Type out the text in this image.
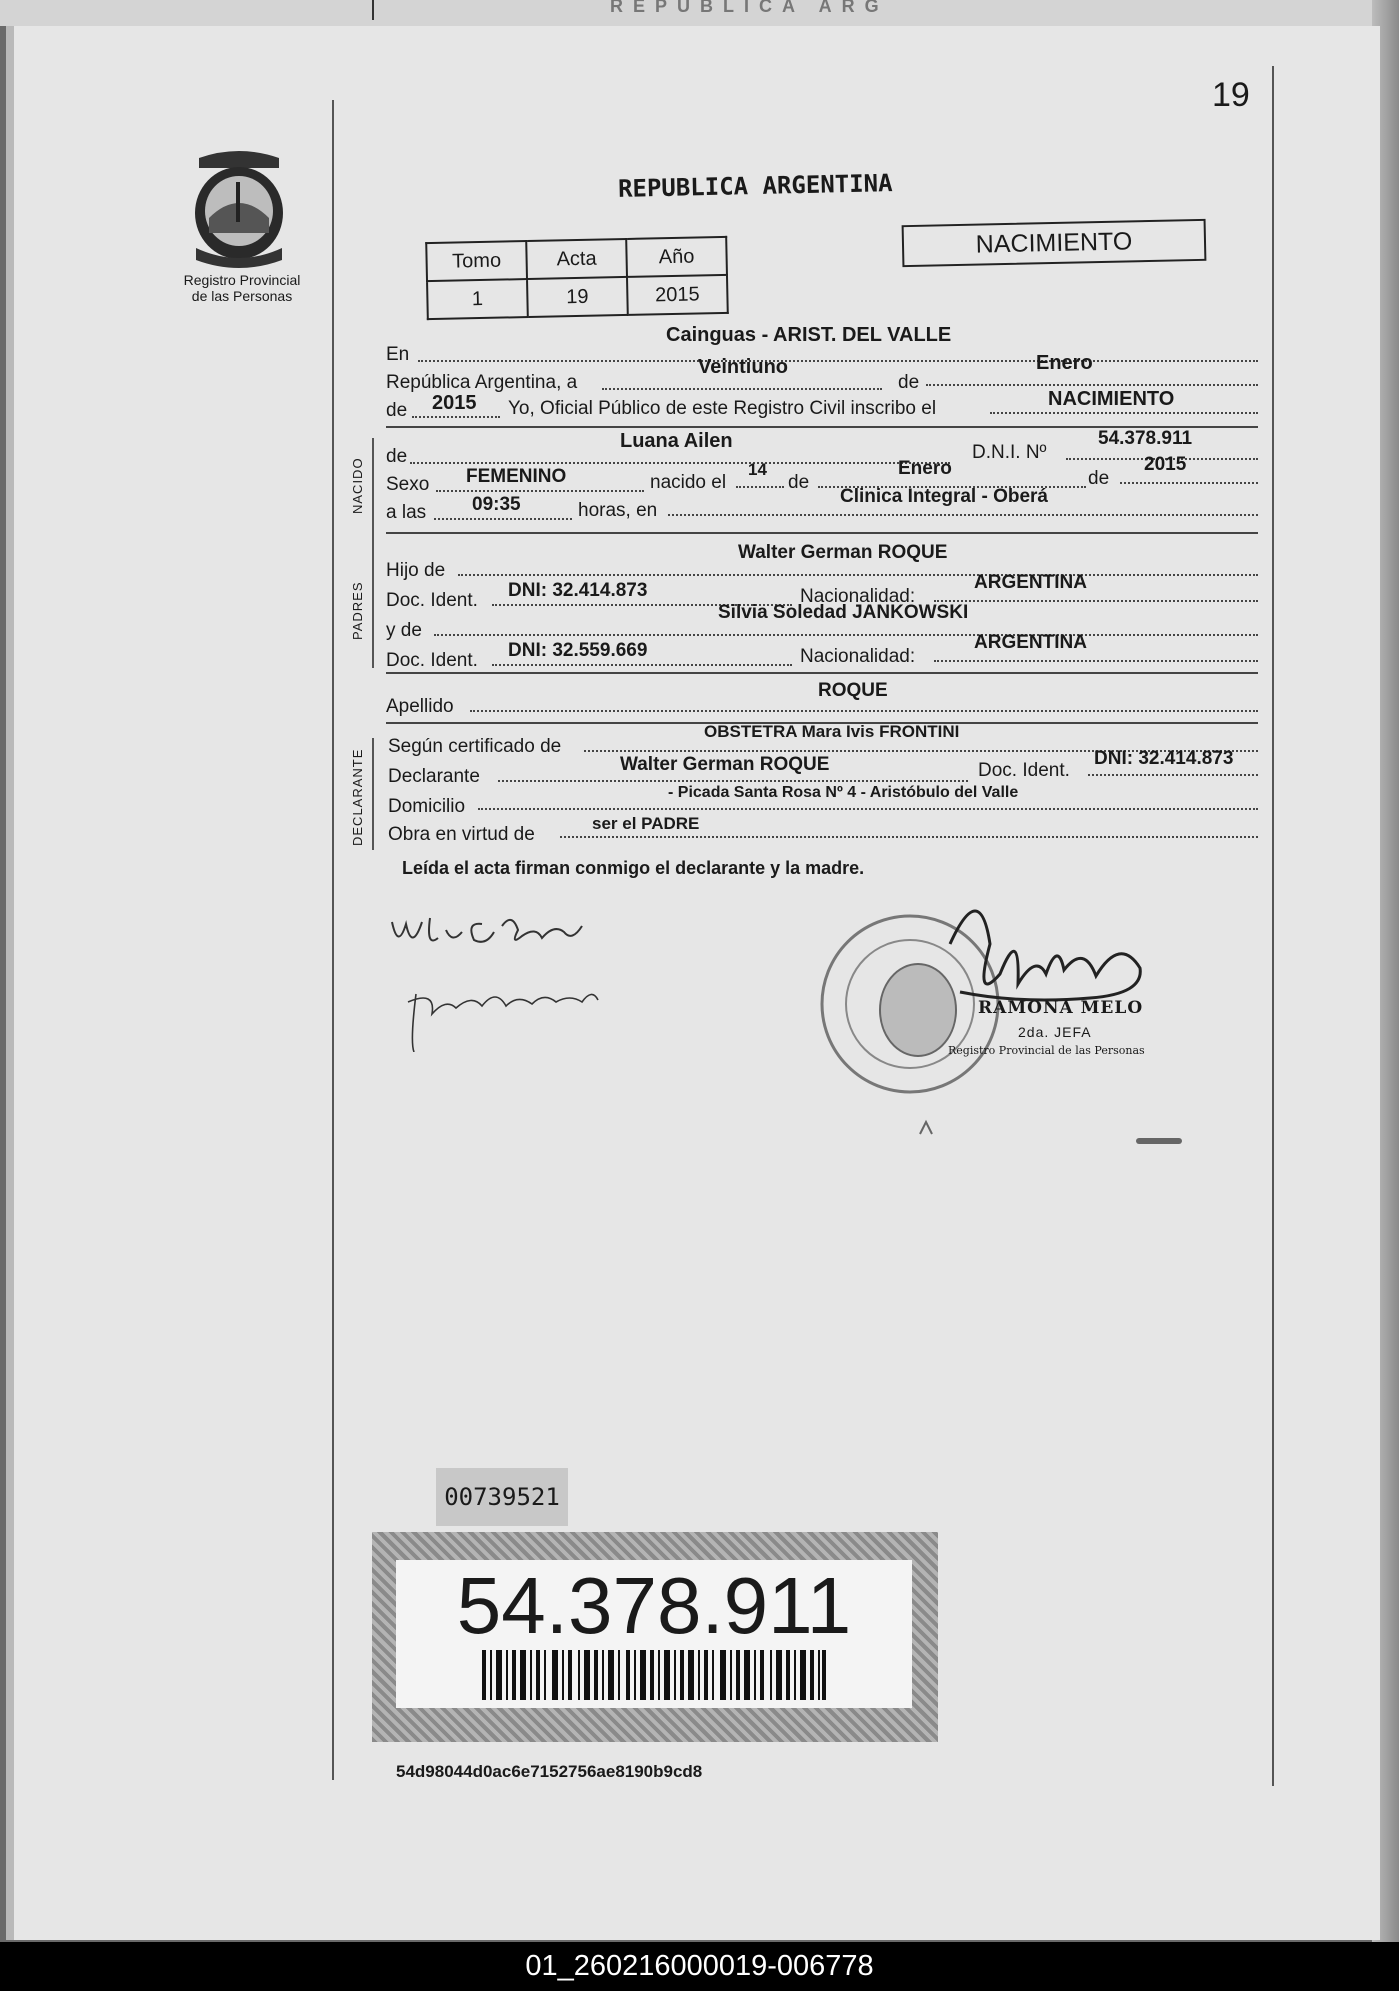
REPUBLICA ARG
19
Registro Provincial de las Personas
REPUBLICA ARGENTINA
Tomo	Acta	Año
1	19	2015
NACIMIENTO
En
Cainguas - ARIST. DEL VALLE
República Argentina, a
Veintiuno
de
Enero
de 2015 Yo, Oficial Público de este Registro Civil inscribo el	NACIMIENTO
NACIDO
de
Luana Ailen
D.N.I. Nº
54.378.911
Sexo FEMENINO	nacido el
14
de
Enero	de
2015
a las 09:35	horas, en
Clinica Integral - Oberá
PADRES
Hijo de
Walter German ROQUE
Doc. Ident. DNI: 32.414.873	Nacionalidad:
ARGENTINA
y de
Silvia Soledad JANKOWSKI
Doc. Ident. DNI: 32.559.669	Nacionalidad:
ARGENTINA
Apellido
ROQUE
DECLARANTE
Según certificado de
OBSTETRA Mara Ivis FRONTINI
Declarante
Walter German ROQUE	Doc. Ident.
DNI: 32.414.873
Domicilio
- Picada Santa Rosa Nº 4 - Aristóbulo del Valle
Obra en virtud de
ser el PADRE
Leída el acta firman conmigo el declarante y la madre.
RAMONA MELO
2da. JEFA
Registro Provincial de las Personas
00739521
54.378.911
54d98044d0ac6e7152756ae8190b9cd8
01_260216000019-006778
